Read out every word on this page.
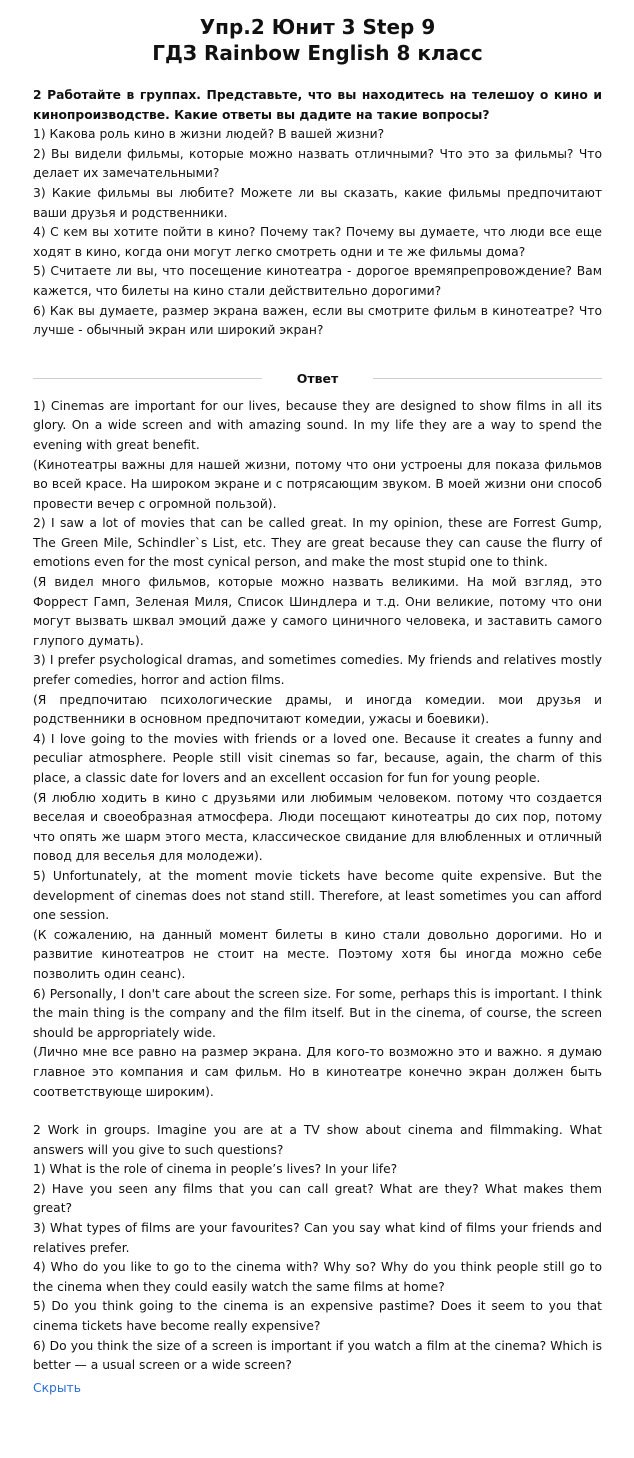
Упр.2 Юнит 3 Step 9
ГДЗ Rainbow English 8 класс

2 Работайте в группах. Представьте, что вы находитесь на телешоу о кино и кинопроизводстве. Какие ответы вы дадите на такие вопросы?

1) Какова роль кино в жизни людей? В вашей жизни?

2) Вы видели фильмы, которые можно назвать отличными? Что это за фильмы? Что делает их замечательными?

3) Какие фильмы вы любите? Можете ли вы сказать, какие фильмы предпочитают ваши друзья и родственники.

4) С кем вы хотите пойти в кино? Почему так? Почему вы думаете, что люди все еще ходят в кино, когда они могут легко смотреть одни и те же фильмы дома?

5) Считаете ли вы, что посещение кинотеатра - дорогое времяпрепровождение? Вам кажется, что билеты на кино стали действительно дорогими?

6) Как вы думаете, размер экрана важен, если вы смотрите фильм в кинотеатре? Что лучше - обычный экран или широкий экран?

Ответ

1) Cinemas are important for our lives, because they are designed to show films in all its glory. On a wide screen and with amazing sound. In my life they are a way to spend the evening with great benefit.

(Кинотеатры важны для нашей жизни, потому что они устроены для показа фильмов во всей красе. На широком экране и с потрясающим звуком. В моей жизни они способ провести вечер с огромной пользой).

2) I saw a lot of movies that can be called great. In my opinion, these are Forrest Gump, The Green Mile, Schindler`s List, etc. They are great because they can cause the flurry of emotions even for the most cynical person, and make the most stupid one to think.

(Я видел много фильмов, которые можно назвать великими. На мой взгляд, это Форрест Гамп, Зеленая Миля, Список Шиндлера и т.д. Они великие, потому что они могут вызвать шквал эмоций даже у самого циничного человека, и заставить самого глупого думать).

3) I prefer psychological dramas, and sometimes comedies. My friends and relatives mostly prefer comedies, horror and action films.

(Я предпочитаю психологические драмы, и иногда комедии. мои друзья и родственники в основном предпочитают комедии, ужасы и боевики).

4) I love going to the movies with friends or a loved one. Because it creates a funny and peculiar atmosphere. People still visit cinemas so far, because, again, the charm of this place, a classic date for lovers and an excellent occasion for fun for young people.

(Я люблю ходить в кино с друзьями или любимым человеком. потому что создается веселая и своеобразная атмосфера. Люди посещают кинотеатры до сих пор, потому что опять же шарм этого места, классическое свидание для влюбленных и отличный повод для веселья для молодежи).

5) Unfortunately, at the moment movie tickets have become quite expensive. But the development of cinemas does not stand still. Therefore, at least sometimes you can afford one session.

(К сожалению, на данный момент билеты в кино стали довольно дорогими. Но и развитие кинотеатров не стоит на месте. Поэтому хотя бы иногда можно себе позволить один сеанс).

6) Personally, I don't care about the screen size. For some, perhaps this is important. I think the main thing is the company and the film itself. But in the cinema, of course, the screen should be appropriately wide.

(Лично мне все равно на размер экрана. Для кого-то возможно это и важно. я думаю главное это компания и сам фильм. Но в кинотеатре конечно экран должен быть соответствующе широким).

2 Work in groups. Imagine you are at a TV show about cinema and filmmaking. What answers will you give to such questions?

1) What is the role of cinema in people’s lives? In your life?

2) Have you seen any films that you can call great? What are they? What makes them great?

3) What types of films are your favourites? Can you say what kind of films your friends and relatives prefer.

4) Who do you like to go to the cinema with? Why so? Why do you think people still go to the cinema when they could easily watch the same films at home?

5) Do you think going to the cinema is an expensive pastime? Does it seem to you that cinema tickets have become really expensive?

6) Do you think the size of a screen is important if you watch a film at the cinema? Which is better — a usual screen or a wide screen?

Скрыть
